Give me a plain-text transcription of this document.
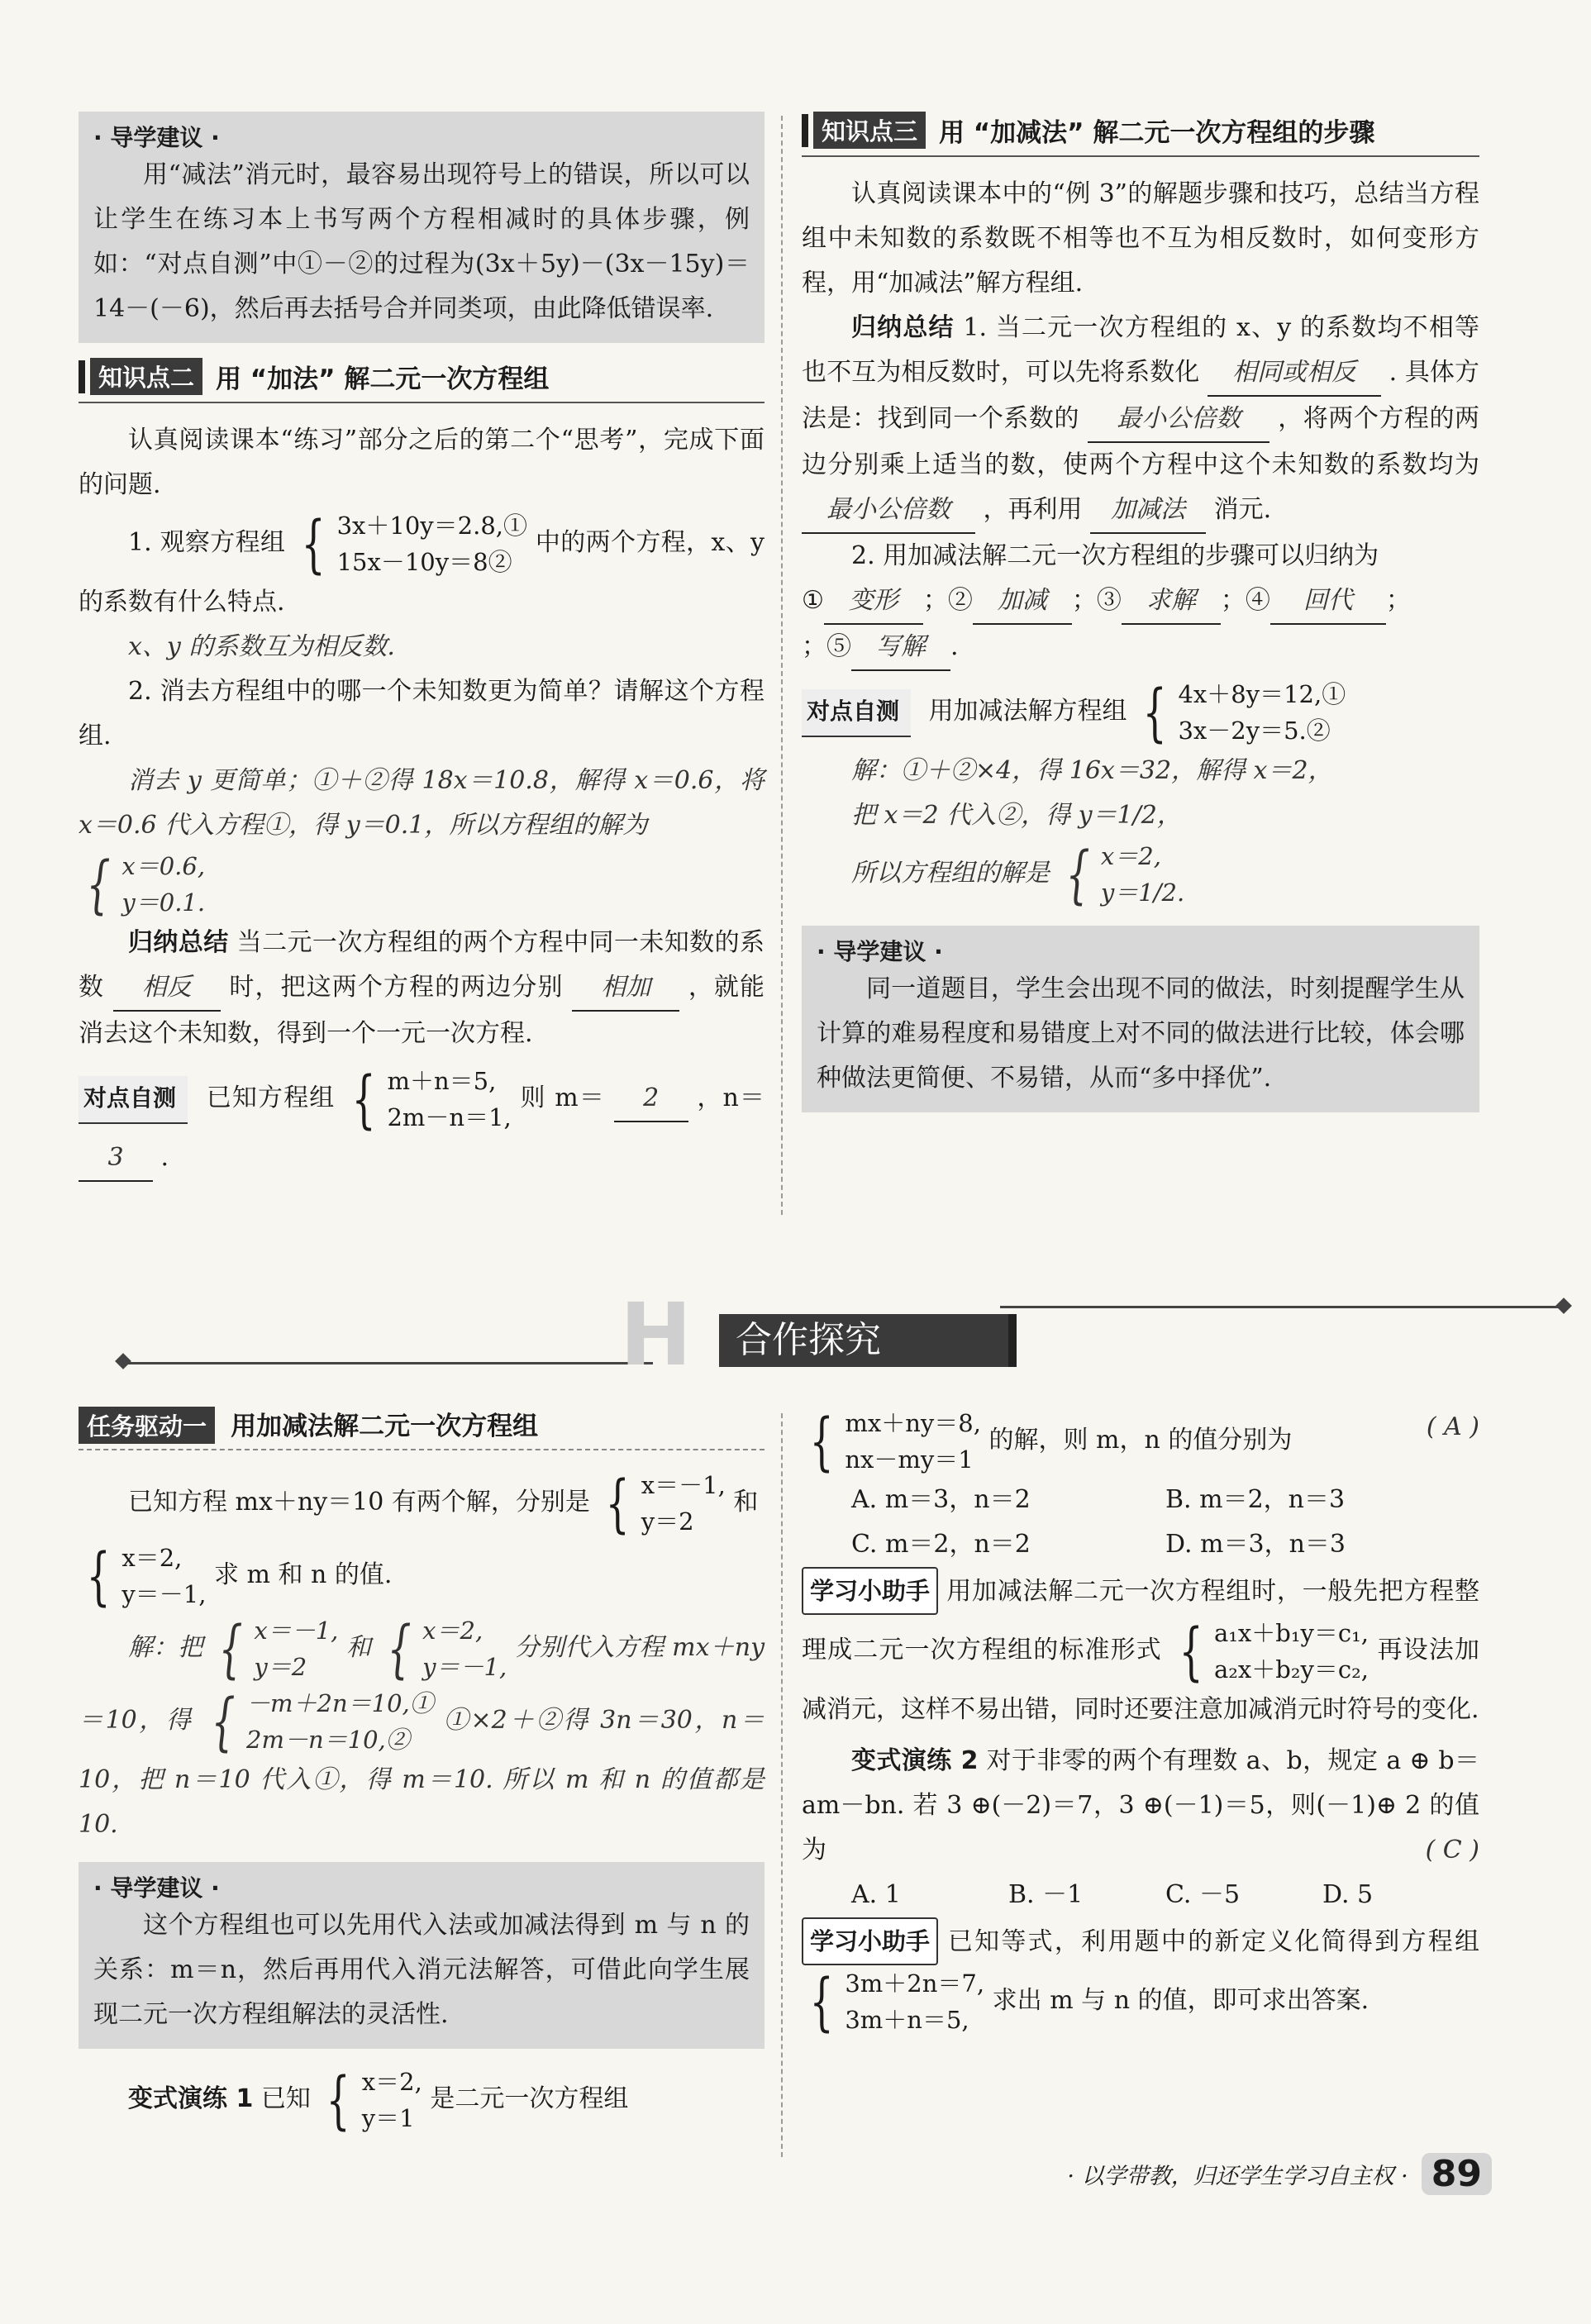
· 导学建议 ·

用“减法”消元时，最容易出现符号上的错误，所以可以让学生在练习本上书写两个方程相减时的具体步骤，例如：“对点自测”中①－②的过程为(3x＋5y)－(3x－15y)＝14－(－6)，然后再去括号合并同类项，由此降低错误率.

知识点二 用 “加法” 解二元一次方程组

认真阅读课本“练习”部分之后的第二个“思考”，完成下面的问题.

1. 观察方程组 { 3x＋10y＝2.8,①
15x－10y＝8②
中的两个方程，x、y的系数有什么特点.

x、y 的系数互为相反数.

2. 消去方程组中的哪一个未知数更为简单？请解这个方程组.

消去 y 更简单；①＋②得 18x＝10.8，解得 x＝0.6，将 x＝0.6 代入方程①，得 y＝0.1，所以方程组的解为

{ x＝0.6,
y＝0.1.

归纳总结 当二元一次方程组的两个方程中同一未知数的系数 相反 时，把这两个方程的两边分别 相加 ，就能消去这个未知数，得到一个一元一次方程.

对点自测 已知方程组 { m＋n＝5,
2m－n＝1,
则 m＝ 2 ，n＝ 3 .

知识点三 用 “加减法” 解二元一次方程组的步骤

认真阅读课本中的“例 3”的解题步骤和技巧，总结当方程组中未知数的系数既不相等也不互为相反数时，如何变形方程，用“加减法”解方程组.

归纳总结 1. 当二元一次方程组的 x、y 的系数均不相等也不互为相反数时，可以先将系数化 相同或相反 . 具体方法是：找到同一个系数的 最小公倍数 ，将两个方程的两边分别乘上适当的数，使两个方程中这个未知数的系数均为 最小公倍数 ，再利用 加减法 消元.

2. 用加减法解二元一次方程组的步骤可以归纳为

① 变形 ；② 加减 ；③ 求解 ；④ 回代 ；

；⑤ 写解 .

对点自测 用加减法解方程组 { 4x＋8y＝12,①
3x－2y＝5.②

解：①＋②×4，得 16x＝32，解得 x＝2，

把 x＝2 代入②，得 y＝1/2，

所以方程组的解是 { x＝2,
y＝1/2.

· 导学建议 ·

同一道题目，学生会出现不同的做法，时刻提醒学生从计算的难易程度和易错度上对不同的做法进行比较，体会哪种做法更简便、不易错，从而“多中择优”.

H	合作探究
任务驱动一 用加减法解二元一次方程组

已知方程 mx＋ny＝10 有两个解，分别是 { x＝－1,
y＝2
和

{ x＝2,
y＝－1,
求 m 和 n 的值.

解：把 { x＝－1,
y＝2
和 { x＝2,
y＝－1,
分别代入方程 mx＋ny＝10，得 { －m＋2n＝10,①
2m－n＝10,②
①×2＋②得 3n＝30，n＝10，把 n＝10 代入①，得 m＝10. 所以 m 和 n 的值都是 10.

· 导学建议 ·

这个方程组也可以先用代入法或加减法得到 m 与 n 的关系：m＝n，然后再用代入消元法解答，可借此向学生展现二元一次方程组解法的灵活性.

变式演练 1 已知 { x＝2,
y＝1
是二元一次方程组

{ mx＋ny＝8,
nx－my＝1
的解，则 m，n 的值分别为	( A )

A. m＝3，n＝2	B. m＝2，n＝3
C. m＝2，n＝2	D. m＝3，n＝3

学习小助手 用加减法解二元一次方程组时，一般先把方程整理成二元一次方程组的标准形式 { a₁x＋b₁y＝c₁,
a₂x＋b₂y＝c₂,
再设法加减消元，这样不易出错，同时还要注意加减消元时符号的变化.

变式演练 2 对于非零的两个有理数 a、b，规定 a ⊕ b＝am－bn. 若 3 ⊕(－2)＝7，3 ⊕(－1)＝5，则(－1)⊕ 2 的值为	( C )

A. 1	B. －1	C. －5	D. 5

学习小助手 已知等式，利用题中的新定义化简得到方程组
{ 3m＋2n＝7,
3m＋n＝5,
求出 m 与 n 的值，即可求出答案.

· 以学带教，归还学生学习自主权 · 89
